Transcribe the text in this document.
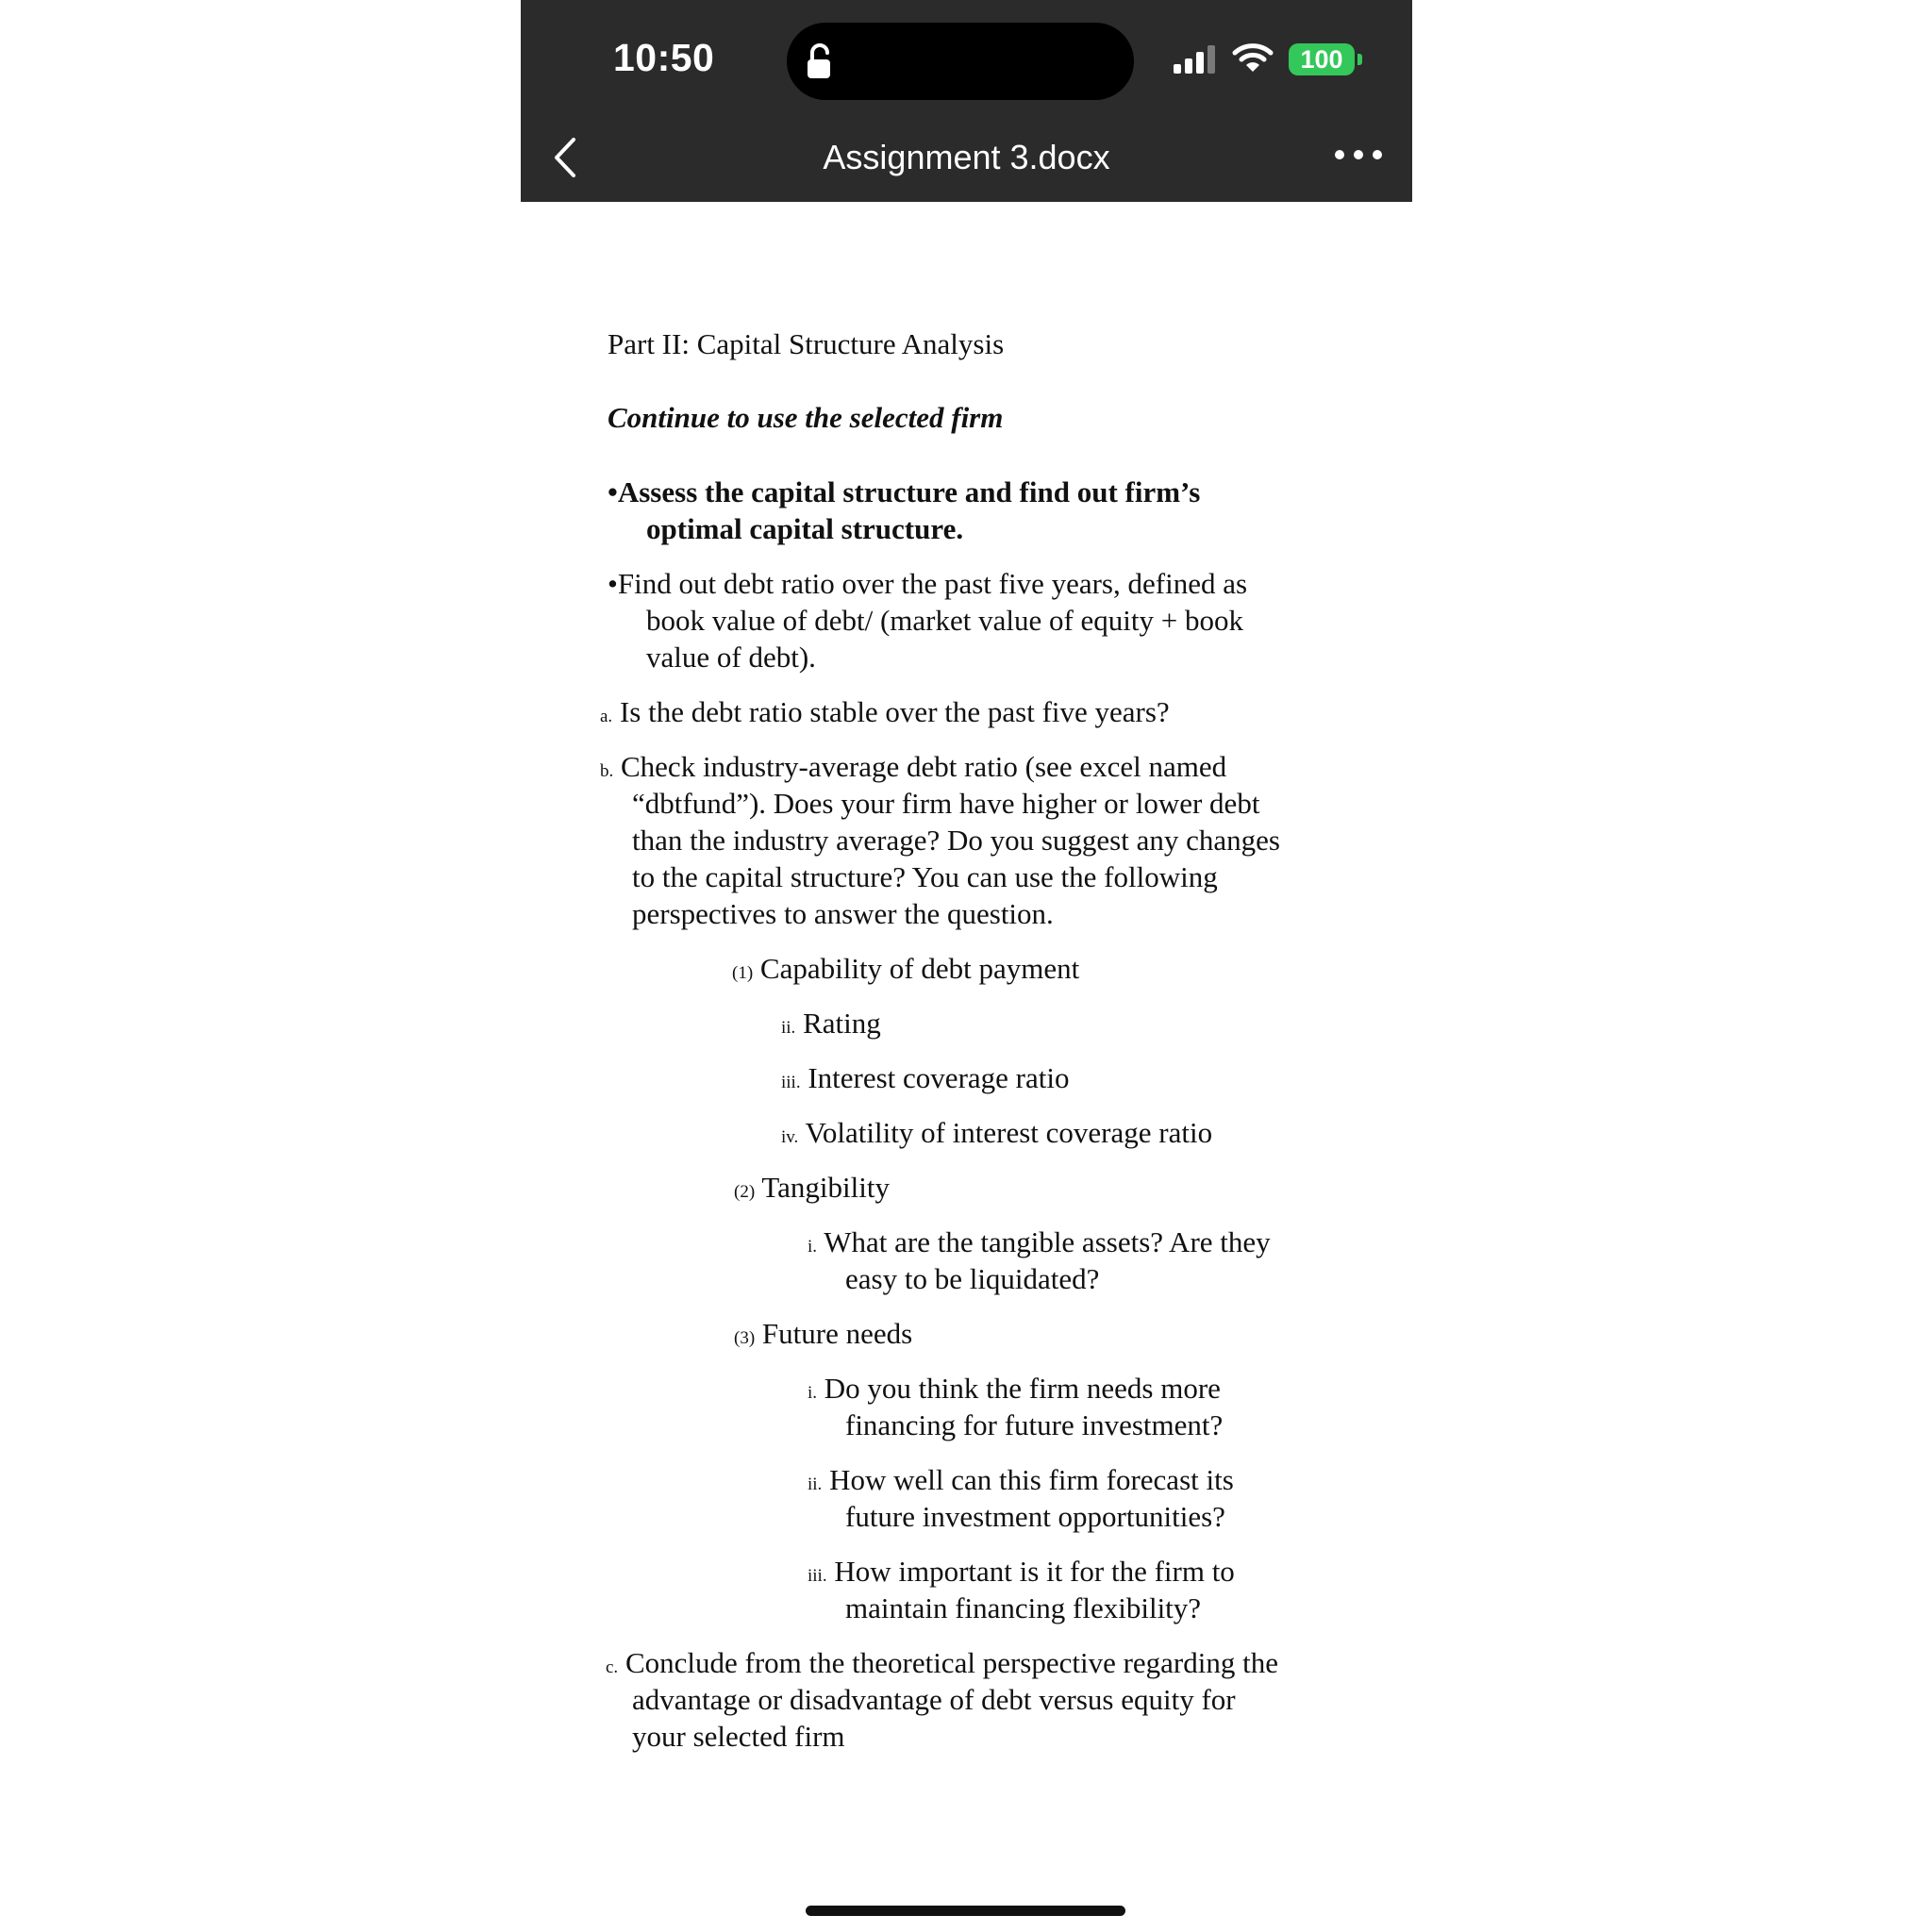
10:50	100
Assignment 3.docx
Part II: Capital Structure Analysis
Continue to use the selected firm
•Assess the capital structure and find out firm’s
optimal capital structure.
•Find out debt ratio over the past five years, defined as
book value of debt/ (market value of equity + book
value of debt).
a. Is the debt ratio stable over the past five years?
b. Check industry-average debt ratio (see excel named
“dbtfund”). Does your firm have higher or lower debt
than the industry average? Do you suggest any changes
to the capital structure? You can use the following
perspectives to answer the question.
(1) Capability of debt payment
ii. Rating
iii. Interest coverage ratio
iv. Volatility of interest coverage ratio
(2) Tangibility
i. What are the tangible assets? Are they
easy to be liquidated?
(3) Future needs
i. Do you think the firm needs more
financing for future investment?
ii. How well can this firm forecast its
future investment opportunities?
iii. How important is it for the firm to
maintain financing flexibility?
c. Conclude from the theoretical perspective regarding the
advantage or disadvantage of debt versus equity for
your selected firm
